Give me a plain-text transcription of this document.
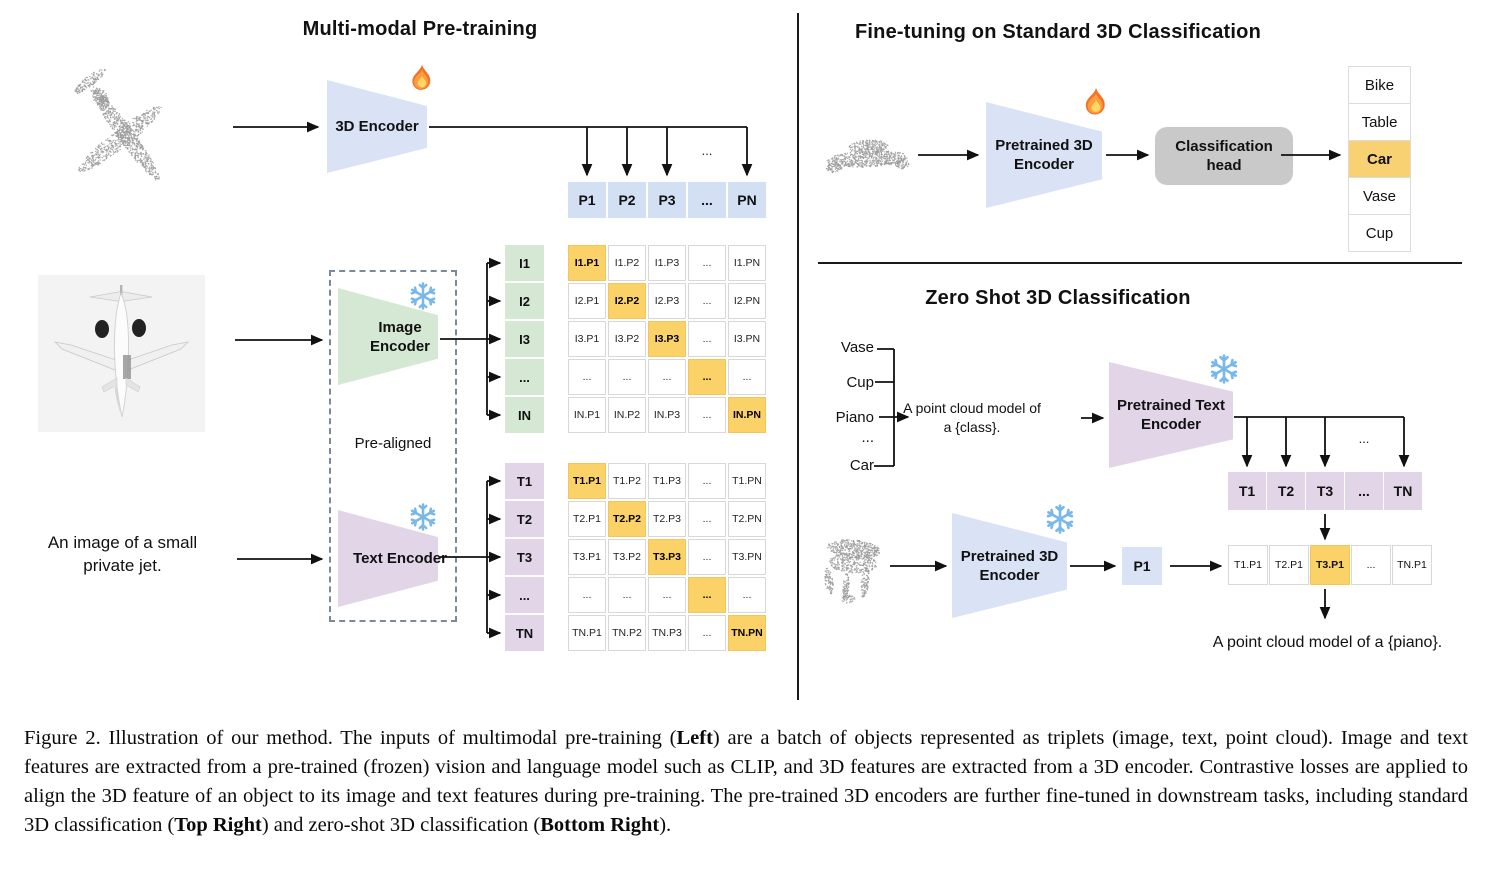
Multi-modal Pre-training
3D Encoder
P1	P2	P3	...	PN
...
Pre-aligned
Image Encoder
Text Encoder
I1
I2
I3
...
IN
I1.P1	I1.P2	I1.P3	...	I1.PN
I2.P1	I2.P2	I2.P3	...	I2.PN
I3.P1	I3.P2	I3.P3	...	I3.PN
...	...	...	...	...
IN.P1	IN.P2	IN.P3	...	IN.PN
T1
T2
T3
...
TN
T1.P1	T1.P2	T1.P3	...	T1.PN
T2.P1	T2.P2	T2.P3	...	T2.PN
T3.P1	T3.P2	T3.P3	...	T3.PN
...	...	...	...	...
TN.P1 TN.P2 TN.P3	...	TN.PN
An image of a small
private jet.
Fine-tuning on Standard 3D Classification
Pretrained 3D Encoder
Classification head
Bike
Table
Car
Vase
Cup
Zero Shot 3D Classification
Vase
Cup
Piano
...
Car
A point cloud model of
a {class}.
Pretrained Text Encoder
T1	T2	T3	...	TN
...
Pretrained 3D Encoder
P1	T1.P1	T2.P1	T3.P1	...	TN.P1
A point cloud model of a {piano}.
Figure 2. Illustration of our method. The inputs of multimodal pre-training (Left) are a batch of objects represented as triplets (image, text, point cloud). Image and text features are extracted from a pre-trained (frozen) vision and language model such as CLIP, and 3D features are extracted from a 3D encoder. Contrastive losses are applied to align the 3D feature of an object to its image and text features during pre-training. The pre-trained 3D encoders are further fine-tuned in downstream tasks, including standard 3D classification (Top Right) and zero-shot 3D classification (Bottom Right).
